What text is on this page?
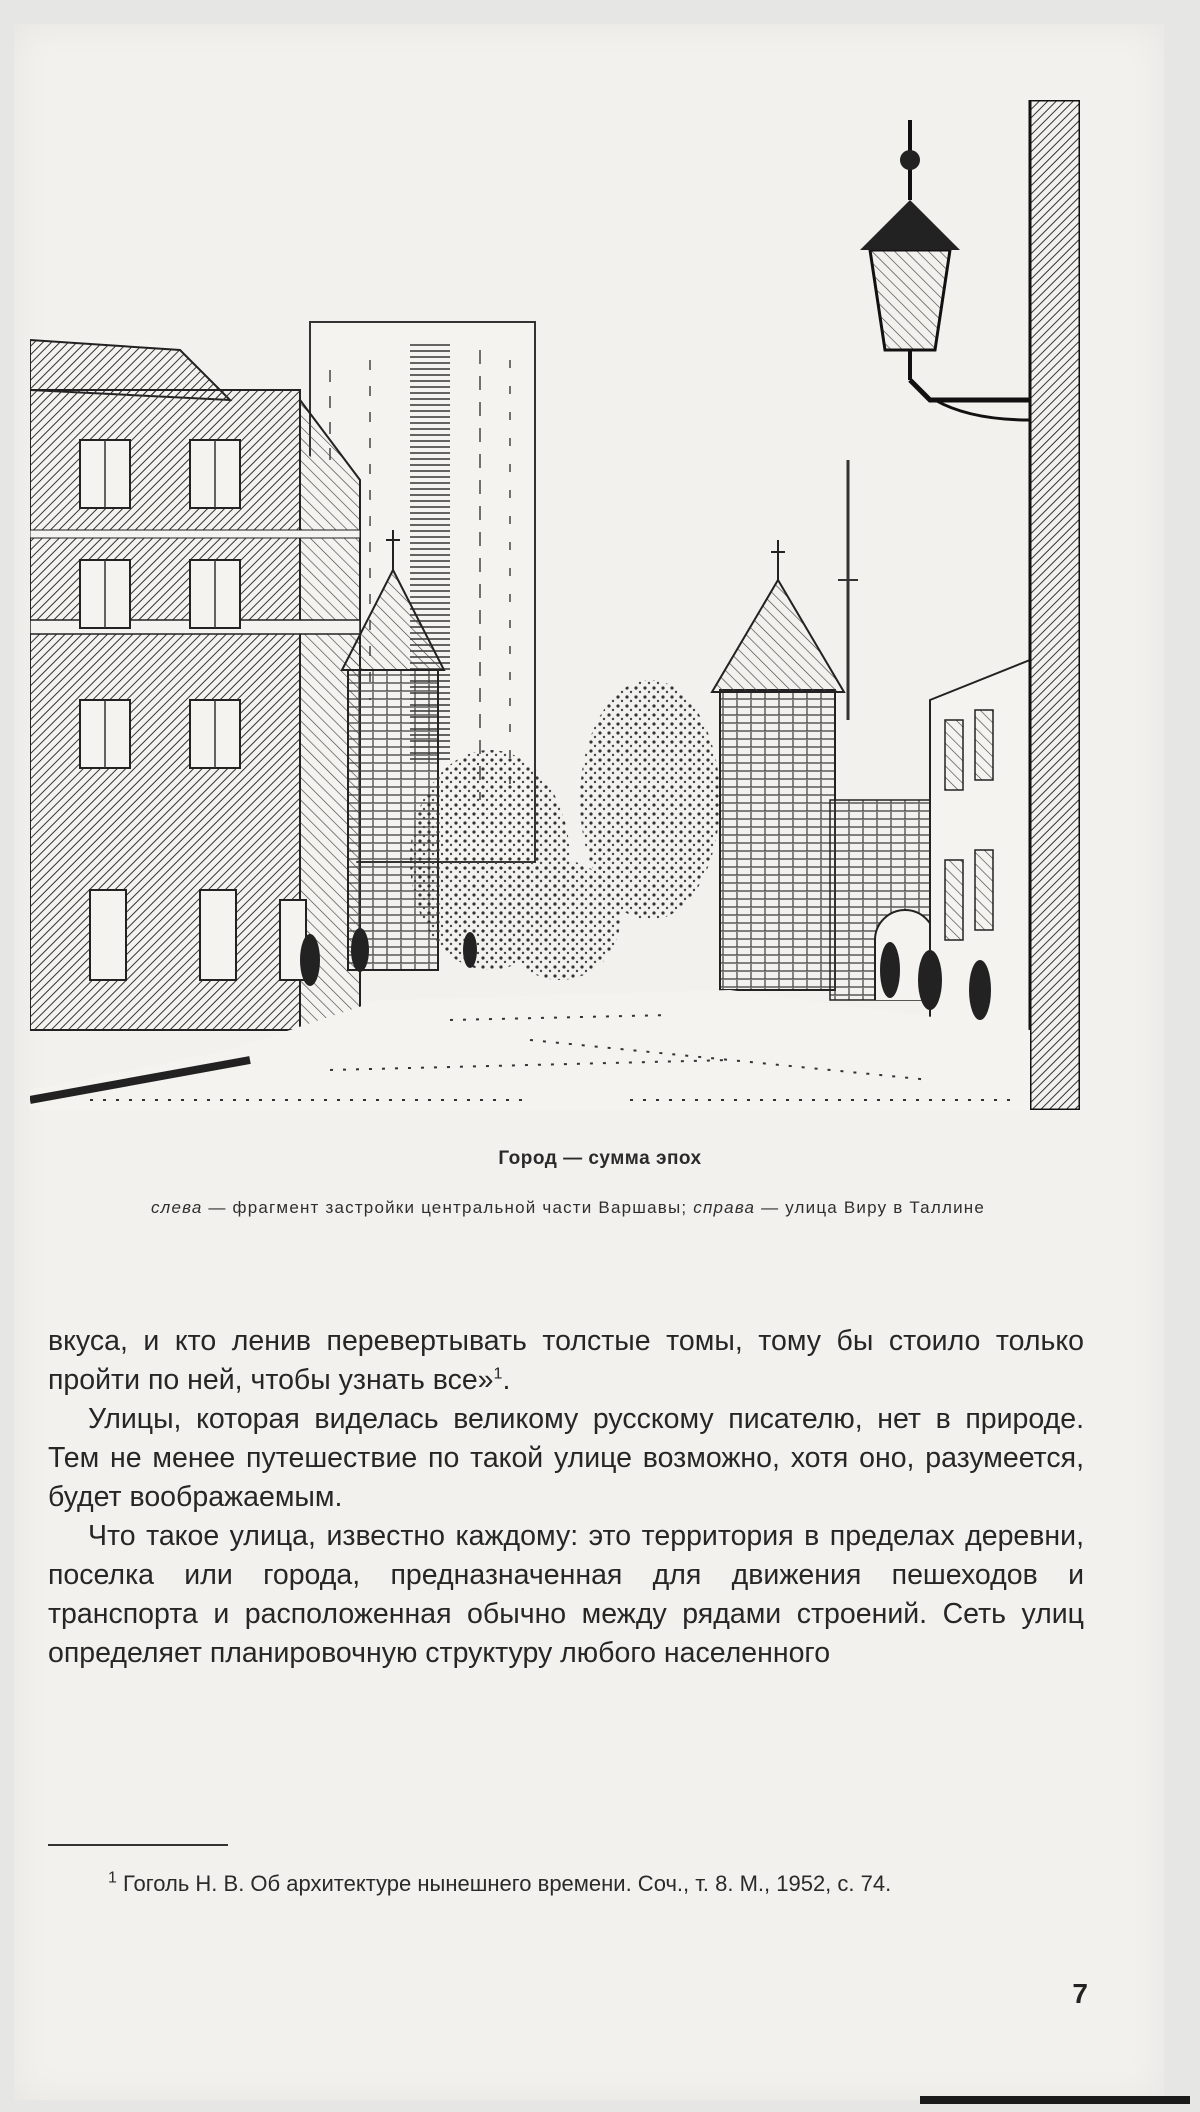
Город — сумма эпох
слева — фрагмент застройки центральной части Варшавы; справа — улица Виру в Таллине

вкуса, и кто ленив перевертывать толстые томы, тому бы стоило только пройти по ней, чтобы узнать все»$^1$.

Улицы, которая виделась великому русскому писателю, нет в природе. Тем не менее путешествие по такой улице возможно, хотя оно, разумеется, будет воображаемым.

Что такое улица, известно каждому: это территория в пределах деревни, поселка или города, предназначенная для движения пешеходов и транспорта и расположенная обычно между рядами строений. Сеть улиц определяет планировочную структуру любого населенного

$^1$ Гоголь Н. В. Об архитектуре нынешнего времени. Соч., т. 8. М., 1952, с. 74.
7
